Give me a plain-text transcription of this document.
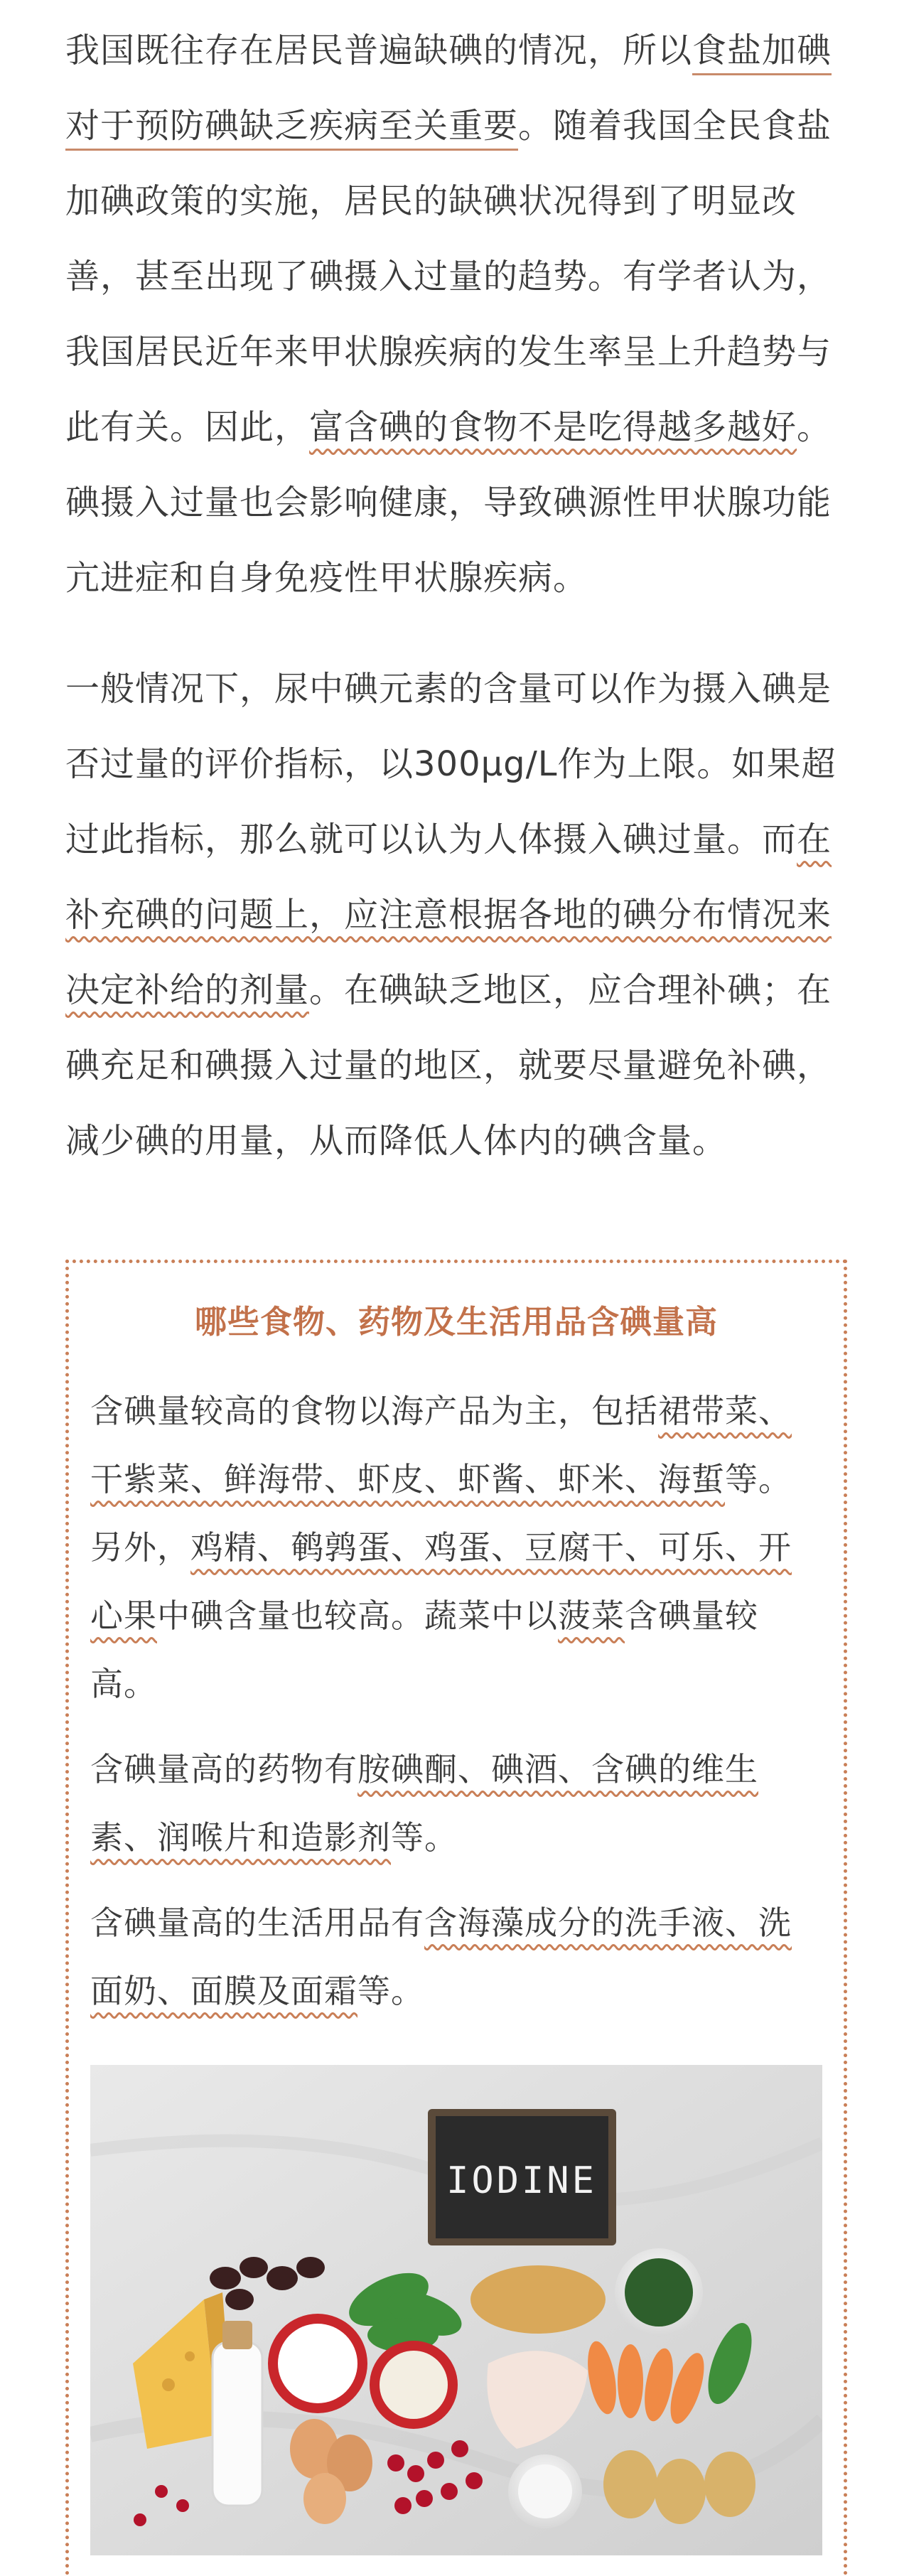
我国既往存在居民普遍缺碘的情况，所以食盐加碘对于预防碘缺乏疾病至关重要。随着我国全民食盐加碘政策的实施，居民的缺碘状况得到了明显改善，甚至出现了碘摄入过量的趋势。有学者认为，我国居民近年来甲状腺疾病的发生率呈上升趋势与此有关。因此，富含碘的食物不是吃得越多越好。碘摄入过量也会影响健康，导致碘源性甲状腺功能亢进症和自身免疫性甲状腺疾病。

一般情况下，尿中碘元素的含量可以作为摄入碘是否过量的评价指标，以300μg/L作为上限。如果超过此指标，那么就可以认为人体摄入碘过量。而在补充碘的问题上，应注意根据各地的碘分布情况来决定补给的剂量。在碘缺乏地区，应合理补碘；在碘充足和碘摄入过量的地区，就要尽量避免补碘，减少碘的用量，从而降低人体内的碘含量。

哪些食物、药物及生活用品含碘量高

含碘量较高的食物以海产品为主，包括裙带菜、干紫菜、鲜海带、虾皮、虾酱、虾米、海蜇等。另外，鸡精、鹌鹑蛋、鸡蛋、豆腐干、可乐、开心果中碘含量也较高。蔬菜中以菠菜含碘量较高。

含碘量高的药物有胺碘酮、碘酒、含碘的维生素、润喉片和造影剂等。

含碘量高的生活用品有含海藻成分的洗手液、洗面奶、面膜及面霜等。

IODINE
